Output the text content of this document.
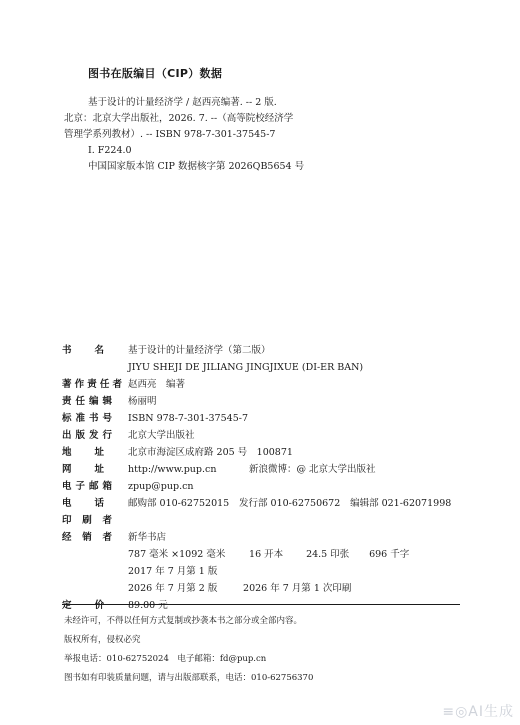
图书在版编目（CIP）数据
基于设计的计量经济学 / 赵西亮编著. -- 2 版.
北京：北京大学出版社，2026. 7. --（高等院校经济学
管理学系列教材）. -- ISBN 978-7-301-37545-7
I. F224.0
中国国家版本馆 CIP 数据核字第 2026QB5654 号
书 名	基于设计的计量经济学（第二版）
JIYU SHEJI DE JILIANG JINGJIXUE (DI-ER BAN)
著 作 责 任 者 赵西亮　编著
责 任 编 辑 杨丽明
标 准 书 号 ISBN 978-7-301-37545-7
出 版 发 行 北京大学出版社
地 址	北京市海淀区成府路 205 号　100871
网 址	http://www.pup.cn	新浪微博：@ 北京大学出版社
电 子 邮 箱 zpup@pup.cn
电 话	邮购部 010-62752015 发行部 010-62750672 编辑部 021-62071998
印 刷 者
经 销 者 新华书店
787 毫米 ×1092 毫米 16 开本 24.5 印张 696 千字
2017 年 7 月第 1 版
2026 年 7 月第 2 版	2026 年 7 月第 1 次印刷
定 价	89.00 元
未经许可，不得以任何方式复制或抄袭本书之部分或全部内容。
版权所有，侵权必究
举报电话：010-62752024　电子邮箱：fd@pup.cn
图书如有印装质量问题，请与出版部联系，电话：010-62756370
≡◎AI生成
